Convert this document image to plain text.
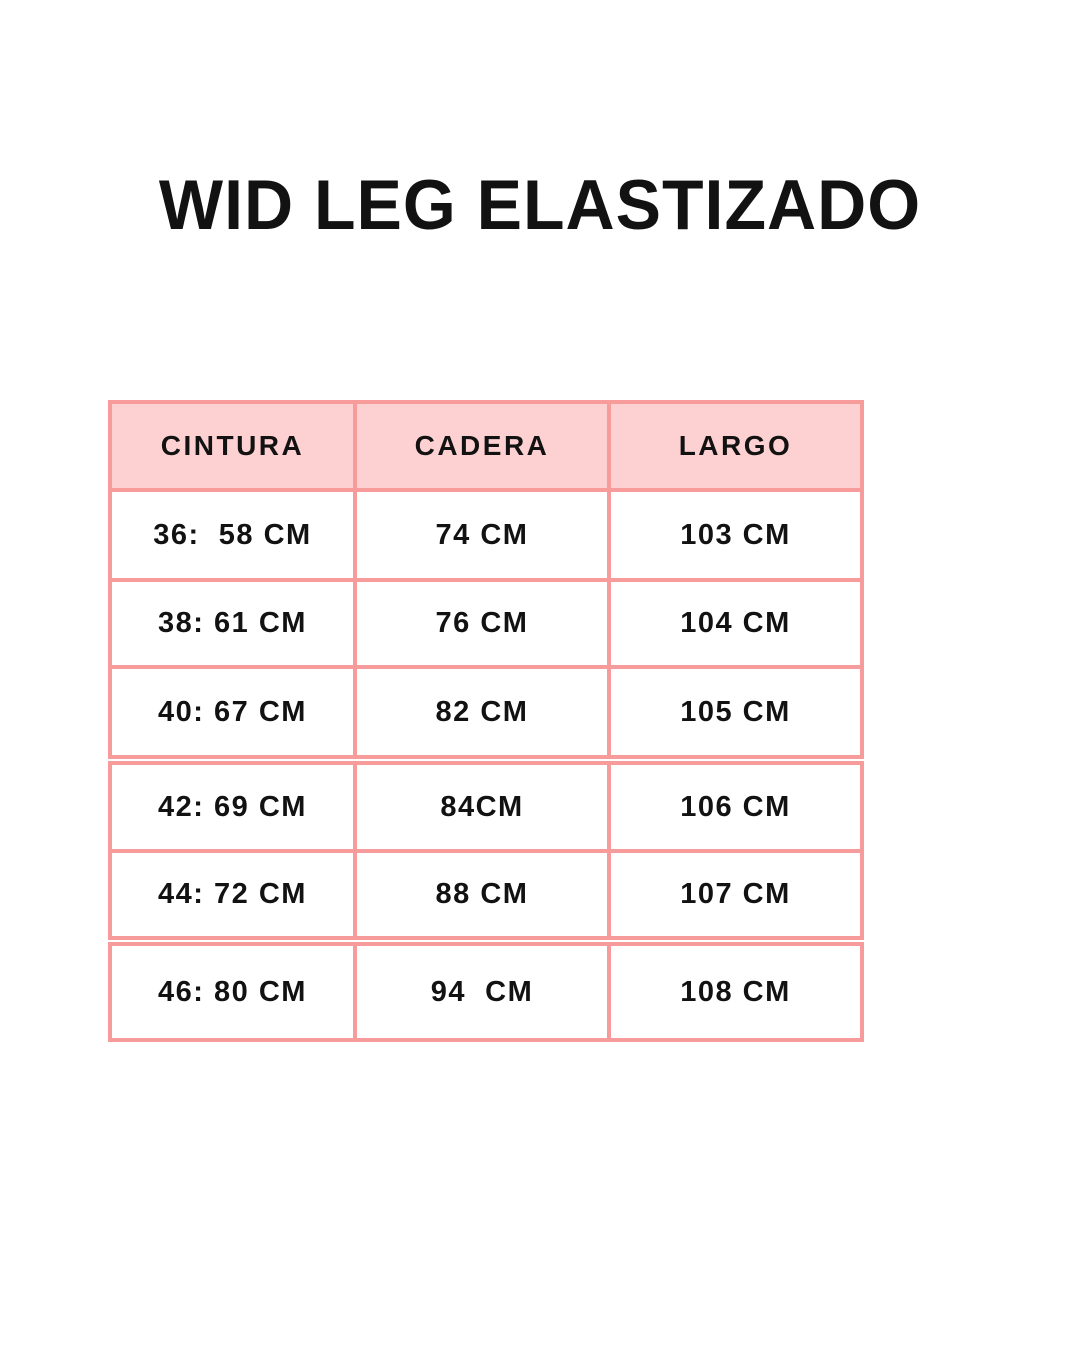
WID LEG ELASTIZADO
CINTURA	CADERA	LARGO
36:  58 CM	74 CM	103 CM
38: 61 CM	76 CM	104 CM
40: 67 CM	82 CM	105 CM
42: 69 CM	84CM	106 CM
44: 72 CM	88 CM	107 CM
46: 80 CM	94  CM	108 CM
